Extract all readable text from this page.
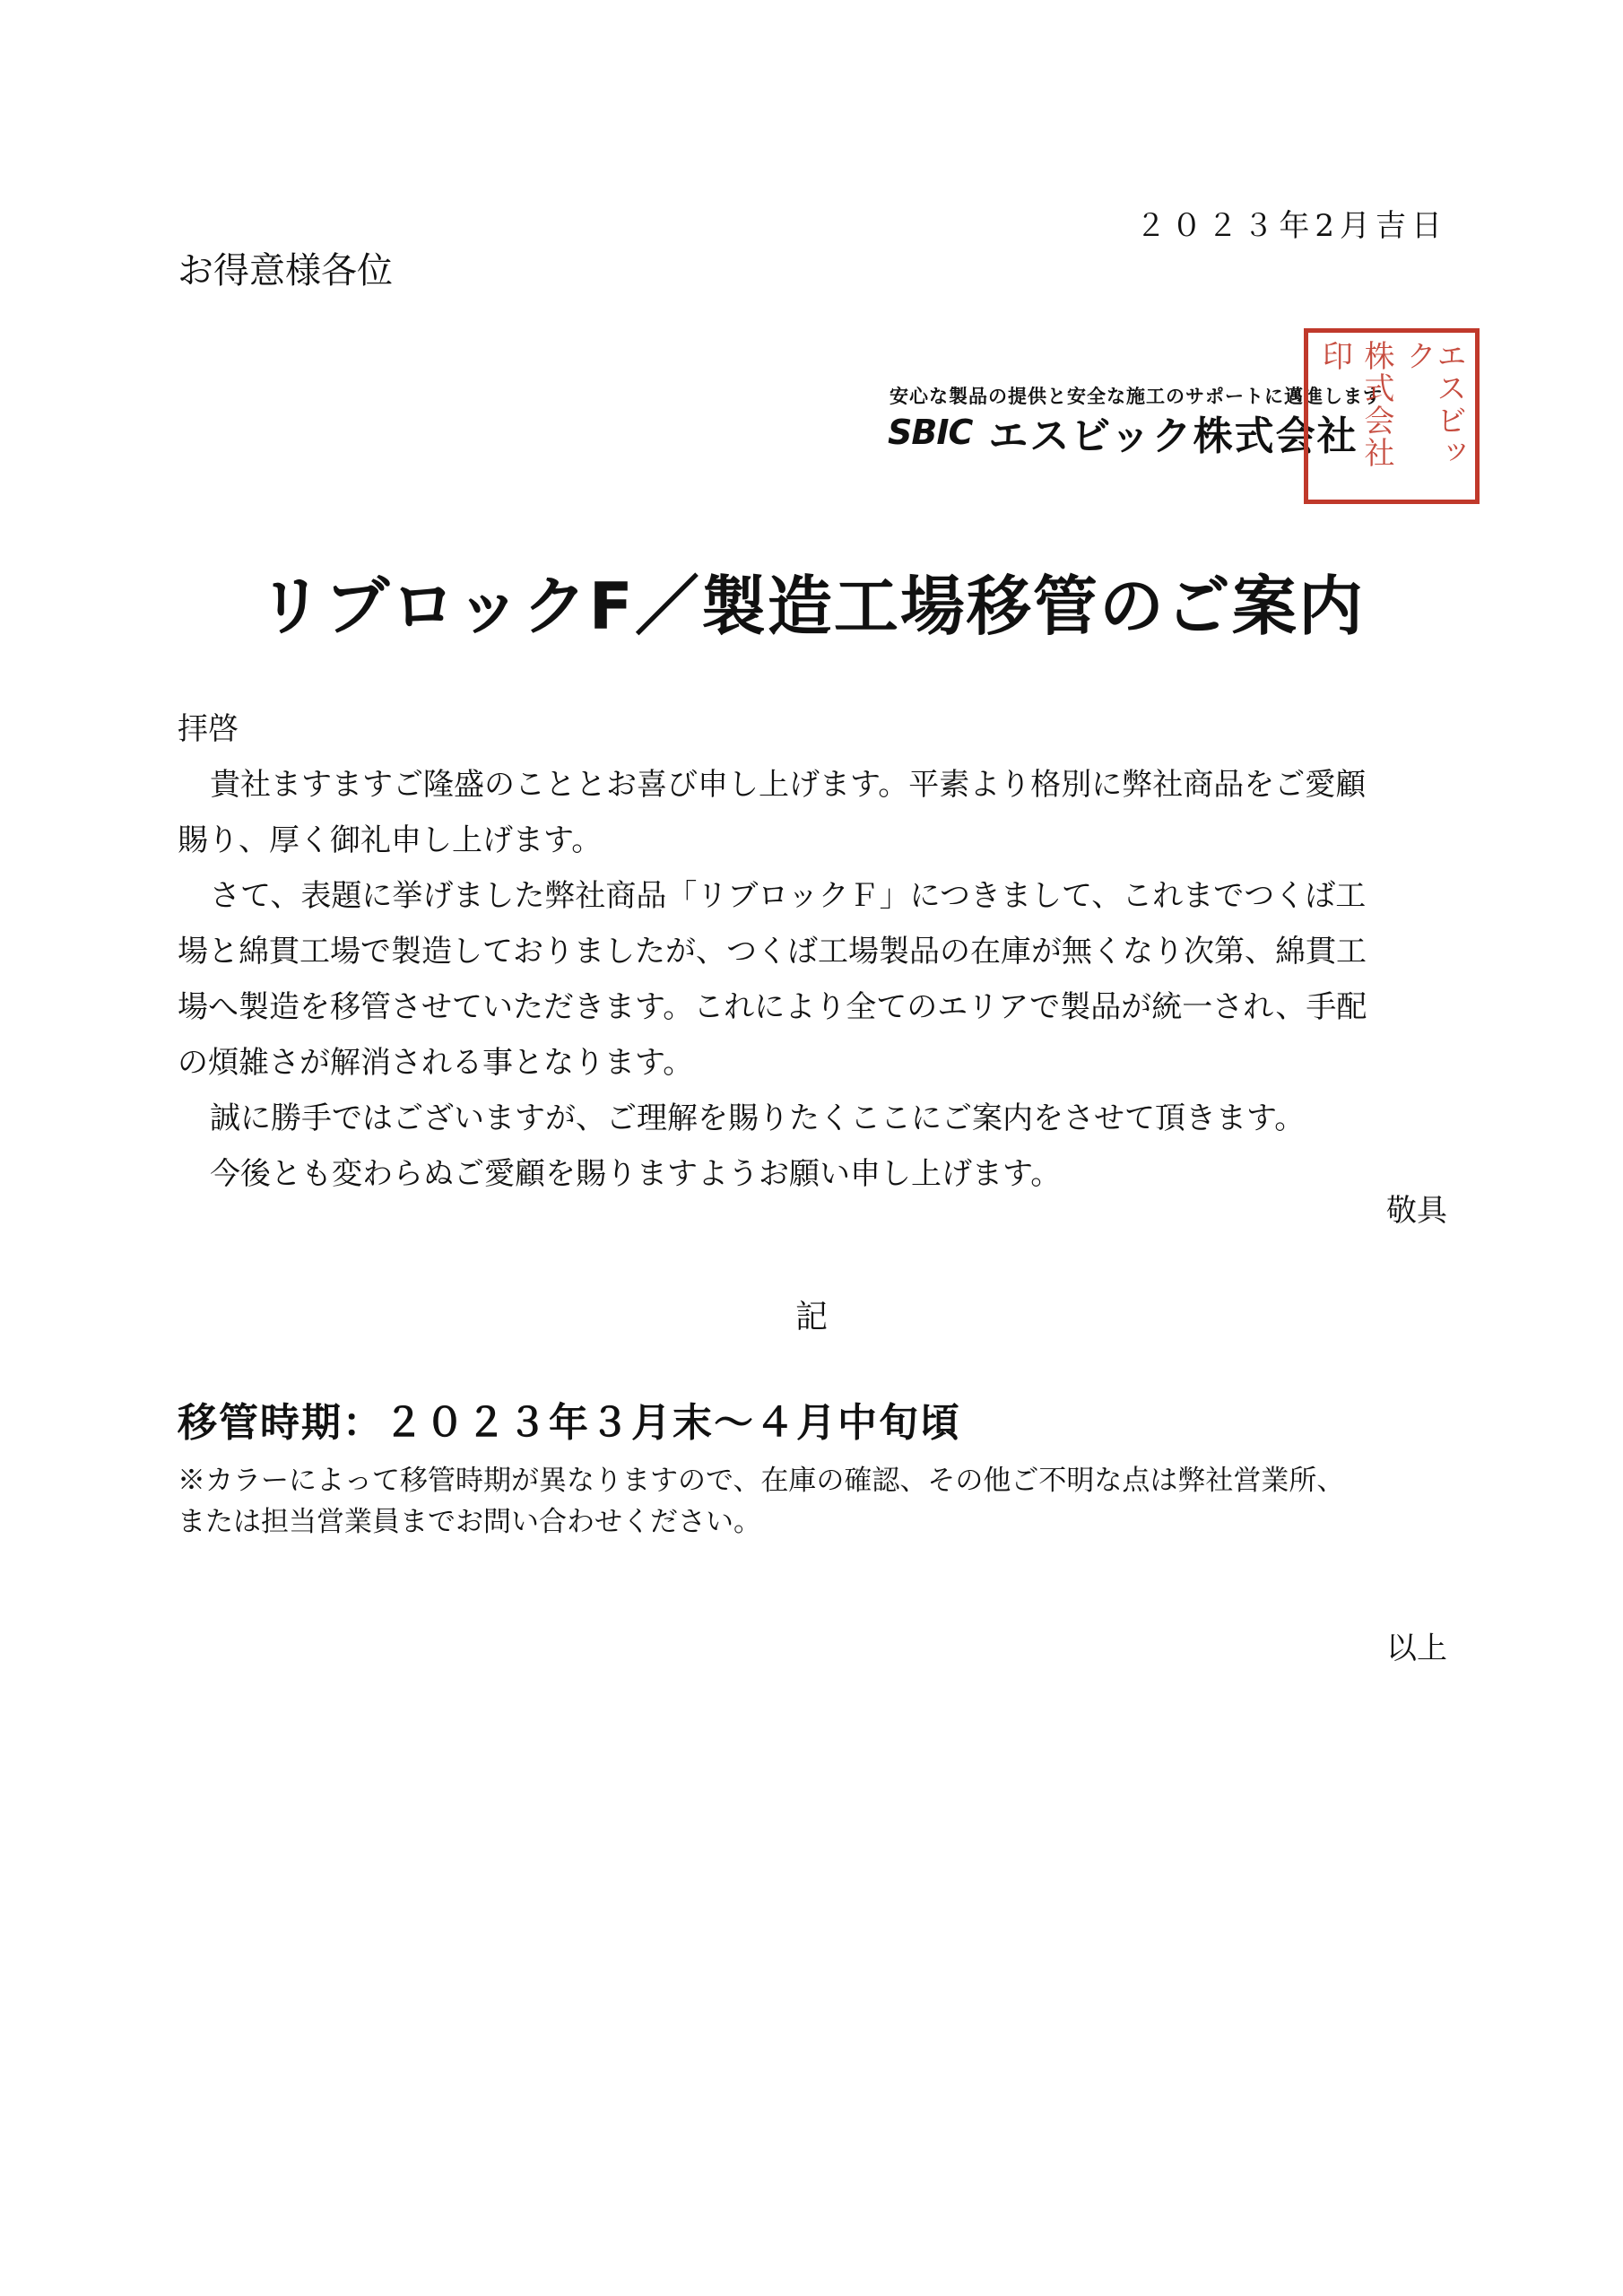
２０２３年2月吉日
お得意様各位
安心な製品の提供と安全な施工のサポートに邁進します
SBIC エスビック株式会社	エスビック
株式会社
印
リブロックF／製造工場移管のご案内

拝啓

貴社ますますご隆盛のこととお喜び申し上げます。平素より格別に弊社商品をご愛顧

賜り、厚く御礼申し上げます。

さて、表題に挙げました弊社商品「リブロックＦ」につきまして、これまでつくば工

場と綿貫工場で製造しておりましたが、つくば工場製品の在庫が無くなり次第、綿貫工

場へ製造を移管させていただきます。これにより全てのエリアで製品が統一され、手配

の煩雑さが解消される事となります。

誠に勝手ではございますが、ご理解を賜りたくここにご案内をさせて頂きます。

今後とも変わらぬご愛顧を賜りますようお願い申し上げます。

敬具
記
移管時期：２０２３年３月末～４月中旬頃

※カラーによって移管時期が異なりますので、在庫の確認、その他ご不明な点は弊社営業所、

または担当営業員までお問い合わせください。

以上
